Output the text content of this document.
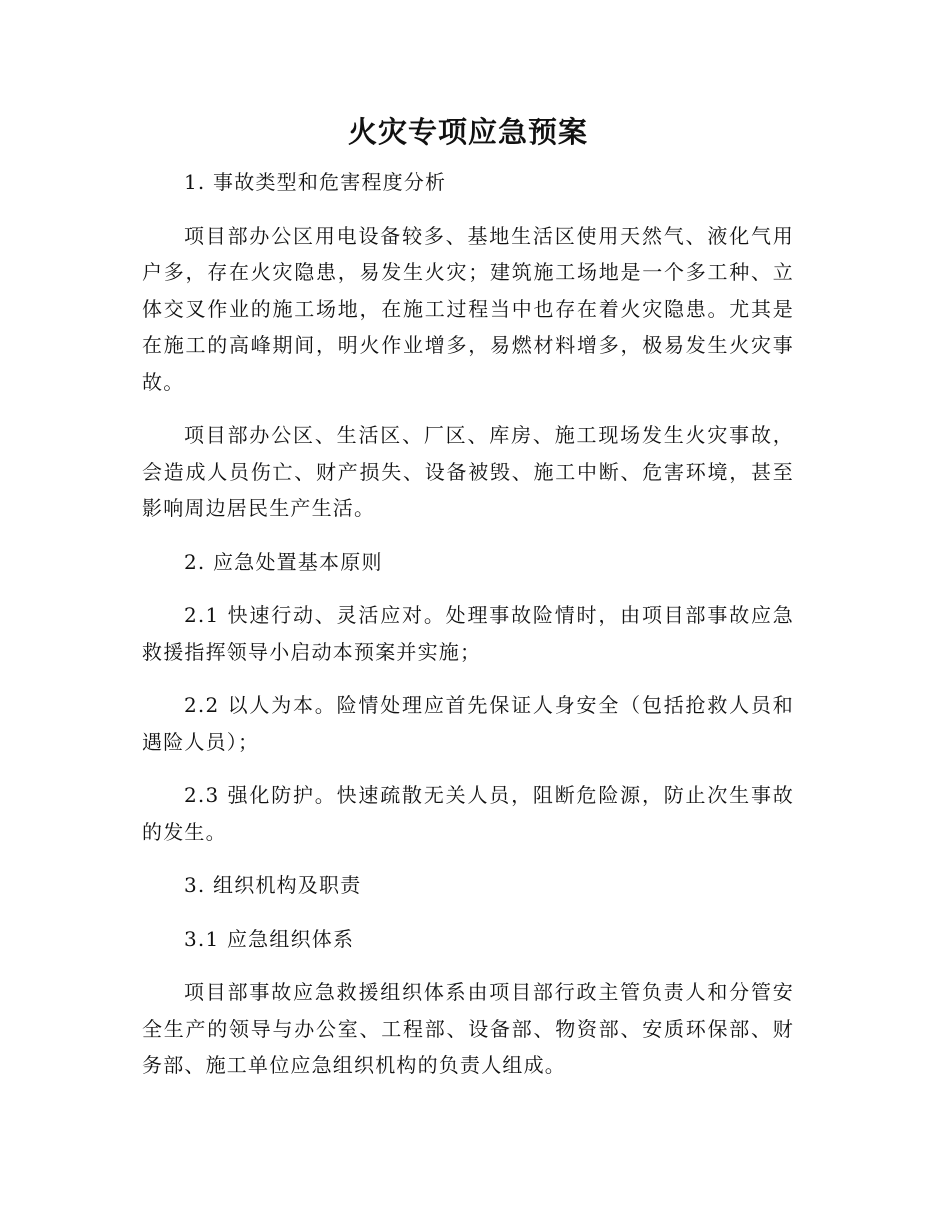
火灾专项应急预案

1. 事故类型和危害程度分析

项目部办公区用电设备较多、基地生活区使用天然气、液化气用户多，存在火灾隐患，易发生火灾；建筑施工场地是一个多工种、立体交叉作业的施工场地，在施工过程当中也存在着火灾隐患。尤其是在施工的高峰期间，明火作业增多，易燃材料增多，极易发生火灾事故。

项目部办公区、生活区、厂区、库房、施工现场发生火灾事故，会造成人员伤亡、财产损失、设备被毁、施工中断、危害环境，甚至影响周边居民生产生活。

2. 应急处置基本原则

2.1 快速行动、灵活应对。处理事故险情时，由项目部事故应急救援指挥领导小启动本预案并实施；

2.2 以人为本。险情处理应首先保证人身安全（包括抢救人员和遇险人员）；

2.3 强化防护。快速疏散无关人员，阻断危险源，防止次生事故的发生。

3. 组织机构及职责

3.1 应急组织体系

项目部事故应急救援组织体系由项目部行政主管负责人和分管安全生产的领导与办公室、工程部、设备部、物资部、安质环保部、财务部、施工单位应急组织机构的负责人组成。
